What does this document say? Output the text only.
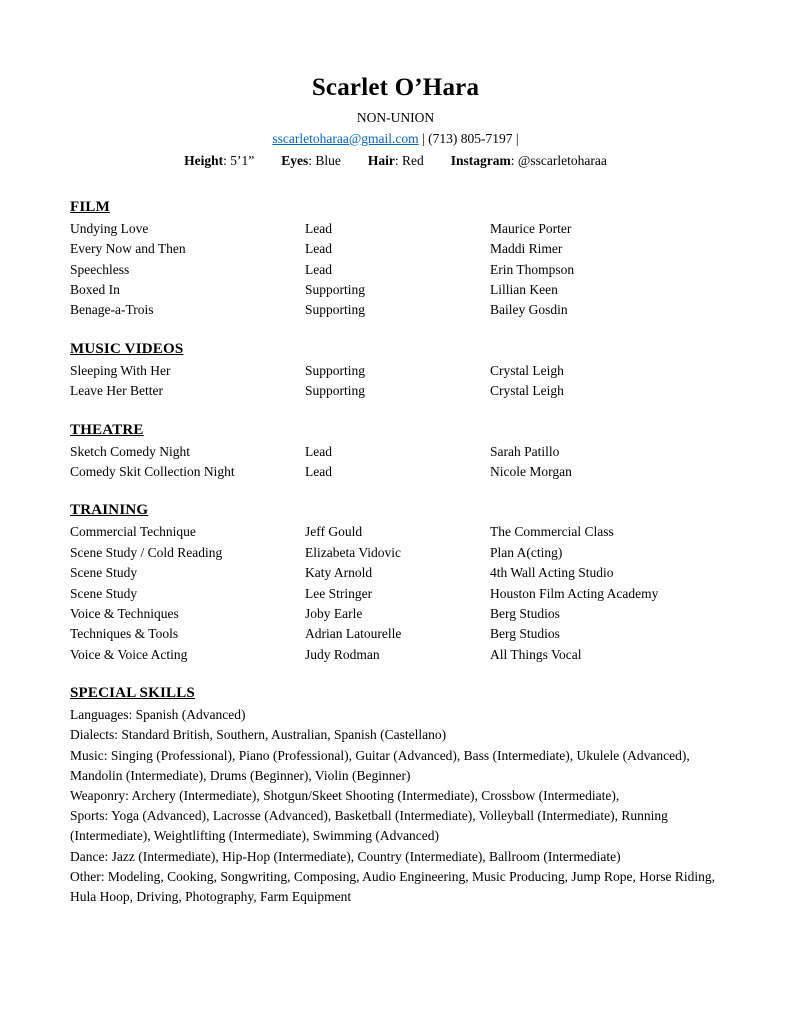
Scarlet O’Hara
NON-UNION
sscarletoharaa@gmail.com | (713) 805-7197 |
Height: 5’1” Eyes: Blue Hair: Red Instagram: @sscarletoharaa
FILM
Undying Love	Lead	Maurice Porter
Every Now and Then	Lead	Maddi Rimer
Speechless	Lead	Erin Thompson
Boxed In	Supporting	Lillian Keen
Benage-a-Trois	Supporting	Bailey Gosdin
MUSIC VIDEOS
Sleeping With Her	Supporting	Crystal Leigh
Leave Her Better	Supporting	Crystal Leigh
THEATRE
Sketch Comedy Night	Lead	Sarah Patillo
Comedy Skit Collection Night	Lead	Nicole Morgan
TRAINING
Commercial Technique	Jeff Gould	The Commercial Class
Scene Study / Cold Reading	Elizabeta Vidovic	Plan A(cting)
Scene Study	Katy Arnold	4th Wall Acting Studio
Scene Study	Lee Stringer	Houston Film Acting Academy
Voice & Techniques	Joby Earle	Berg Studios
Techniques & Tools	Adrian Latourelle	Berg Studios
Voice & Voice Acting	Judy Rodman	All Things Vocal
SPECIAL SKILLS
Languages: Spanish (Advanced)
Dialects: Standard British, Southern, Australian, Spanish (Castellano)
Music: Singing (Professional), Piano (Professional), Guitar (Advanced), Bass (Intermediate), Ukulele (Advanced), Mandolin (Intermediate), Drums (Beginner), Violin (Beginner)
Weaponry: Archery (Intermediate), Shotgun/Skeet Shooting (Intermediate), Crossbow (Intermediate),
Sports: Yoga (Advanced), Lacrosse (Advanced), Basketball (Intermediate), Volleyball (Intermediate), Running (Intermediate), Weightlifting (Intermediate), Swimming (Advanced)
Dance: Jazz (Intermediate), Hip-Hop (Intermediate), Country (Intermediate), Ballroom (Intermediate)
Other: Modeling, Cooking, Songwriting, Composing, Audio Engineering, Music Producing, Jump Rope, Horse Riding, Hula Hoop, Driving, Photography, Farm Equipment
